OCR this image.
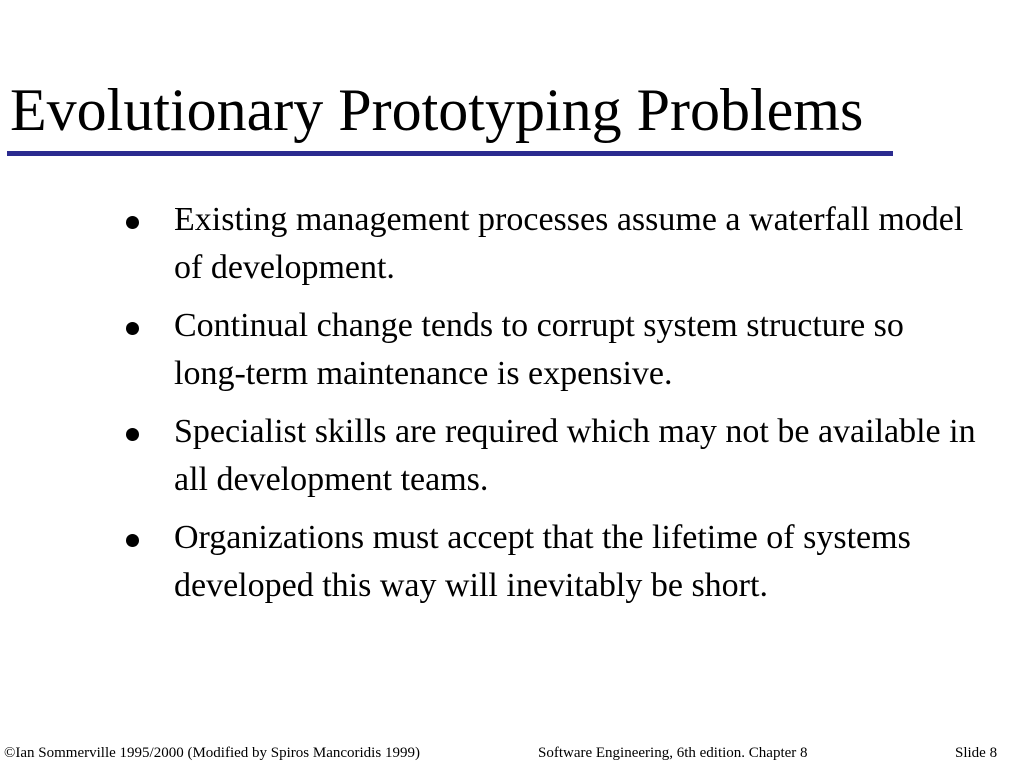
Evolutionary Prototyping Problems
Existing management processes assume a waterfall model of development.
Continual change tends to corrupt system structure so long-term maintenance is expensive.
Specialist skills are required which may not be available in all development teams.
Organizations must accept that the lifetime of systems developed this way will inevitably be short.
©Ian Sommerville 1995/2000 (Modified by Spiros Mancoridis 1999)	Software Engineering, 6th edition. Chapter 8	Slide 8
